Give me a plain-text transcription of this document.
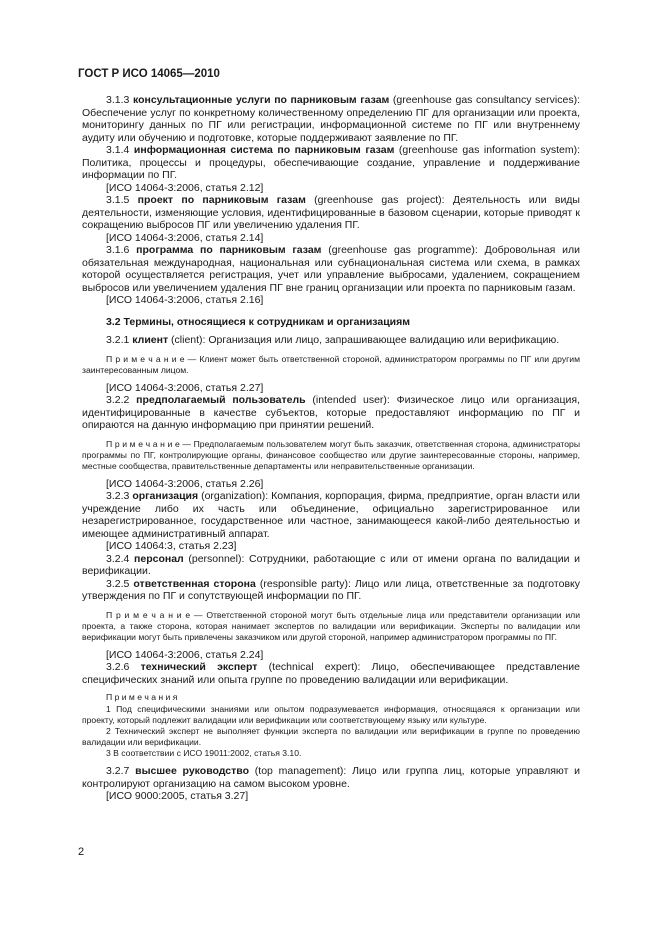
ГОСТ Р ИСО 14065—2010

3.1.3 консультационные услуги по парниковым газам (greenhouse gas consultancy services): Обеспечение услуг по конкретному количественному определению ПГ для организации или проекта, мониторингу данных по ПГ или регистрации, информационной системе по ПГ или внутреннему аудиту или обучению и подготовке, которые поддерживают заявление по ПГ.

3.1.4 информационная система по парниковым газам (greenhouse gas information system): Политика, процессы и процедуры, обеспечивающие создание, управление и поддерживание информации по ПГ.

[ИСО 14064-3:2006, статья 2.12]

3.1.5 проект по парниковым газам (greenhouse gas project): Деятельность или виды деятельности, изменяющие условия, идентифицированные в базовом сценарии, которые приводят к сокращению выбросов ПГ или увеличению удаления ПГ.

[ИСО 14064-3:2006, статья 2.14]

3.1.6 программа по парниковым газам (greenhouse gas programme): Добровольная или обязательная международная, национальная или субнациональная система или схема, в рамках которой осуществляется регистрация, учет или управление выбросами, удалением, сокращением выбросов или увеличением удаления ПГ вне границ организации или проекта по парниковым газам.

[ИСО 14064-3:2006, статья 2.16]

3.2 Термины, относящиеся к сотрудникам и организациям

3.2.1 клиент (client): Организация или лицо, запрашивающее валидацию или верификацию.

П р и м е ч а н и е — Клиент может быть ответственной стороной, администратором программы по ПГ или другим заинтересованным лицом.

[ИСО 14064-3:2006, статья 2.27]

3.2.2 предполагаемый пользователь (intended user): Физическое лицо или организация, идентифицированные в качестве субъектов, которые предоставляют информацию по ПГ и опираются на данную информацию при принятии решений.

П р и м е ч а н и е — Предполагаемым пользователем могут быть заказчик, ответственная сторона, администраторы программы по ПГ, контролирующие органы, финансовое сообщество или другие заинтересованные стороны, например, местные сообщества, правительственные департаменты или неправительственные организации.

[ИСО 14064-3:2006, статья 2.26]

3.2.3 организация (organization): Компания, корпорация, фирма, предприятие, орган власти или учреждение либо их часть или объединение, официально зарегистрированное или незарегистрированное, государственное или частное, занимающееся какой-либо деятельностью и имеющее административный аппарат.

[ИСО 14064:3, статья 2.23]

3.2.4 персонал (personnel): Сотрудники, работающие с или от имени органа по валидации и верификации.

3.2.5 ответственная сторона (responsible party): Лицо или лица, ответственные за подготовку утверждения по ПГ и сопутствующей информации по ПГ.

П р и м е ч а н и е — Ответственной стороной могут быть отдельные лица или представители организации или проекта, а также сторона, которая нанимает экспертов по валидации или верификации. Эксперты по валидации или верификации могут быть привлечены заказчиком или другой стороной, например администратором программы по ПГ.

[ИСО 14064-3:2006, статья 2.24]

3.2.6 технический эксперт (technical expert): Лицо, обеспечивающее представление специфических знаний или опыта группе по проведению валидации или верификации.

П р и м е ч а н и я

1 Под специфическими знаниями или опытом подразумевается информация, относящаяся к организации или проекту, который подлежит валидации или верификации или соответствующему языку или культуре.

2 Технический эксперт не выполняет функции эксперта по валидации или верификации в группе по проведению валидации или верификации.

3 В соответствии с ИСО 19011:2002, статья 3.10.

3.2.7 высшее руководство (top management): Лицо или группа лиц, которые управляют и контролируют организацию на самом высоком уровне.

[ИСО 9000:2005, статья 3.27]

2
